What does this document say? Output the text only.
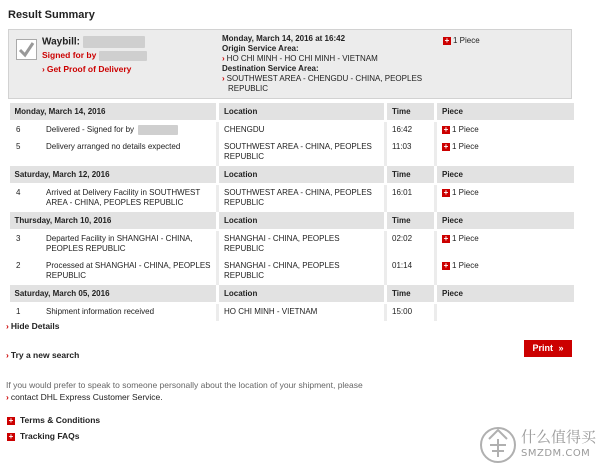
Result Summary
Waybill:
Signed for by
› Get Proof of Delivery
Monday, March 14, 2016 at 16:42
Origin Service Area:
› HO CHI MINH - HO CHI MINH - VIETNAM
Destination Service Area:
› SOUTHWEST AREA - CHENGDU - CHINA, PEOPLES REPUBLIC
+ 1 Piece
Monday, March 14, 2016		Location	Time	Piece
6	Delivered - Signed for by	CHENGDU	16:42	+ 1 Piece
5	Delivery arranged no details expected	SOUTHWEST AREA - CHINA, PEOPLES REPUBLIC	11:03	+ 1 Piece
Saturday, March 12, 2016		Location	Time	Piece
4	Arrived at Delivery Facility in SOUTHWEST AREA - CHINA, PEOPLES REPUBLIC	SOUTHWEST AREA - CHINA, PEOPLES REPUBLIC	16:01	+ 1 Piece
Thursday, March 10, 2016		Location	Time	Piece
3	Departed Facility in SHANGHAI - CHINA, PEOPLES REPUBLIC	SHANGHAI - CHINA, PEOPLES REPUBLIC	02:02	+ 1 Piece
2	Processed at SHANGHAI - CHINA, PEOPLES REPUBLIC	SHANGHAI - CHINA, PEOPLES REPUBLIC	01:14	+ 1 Piece
Saturday, March 05, 2016		Location	Time	Piece
1	Shipment information received	HO CHI MINH - VIETNAM	15:00	
› Hide Details
› Try a new search
Print »
If you would prefer to speak to someone personally about the location of your shipment, please
› contact DHL Express Customer Service.
+ Terms & Conditions
+ Tracking FAQs	什么值得买
SMZDM.COM
